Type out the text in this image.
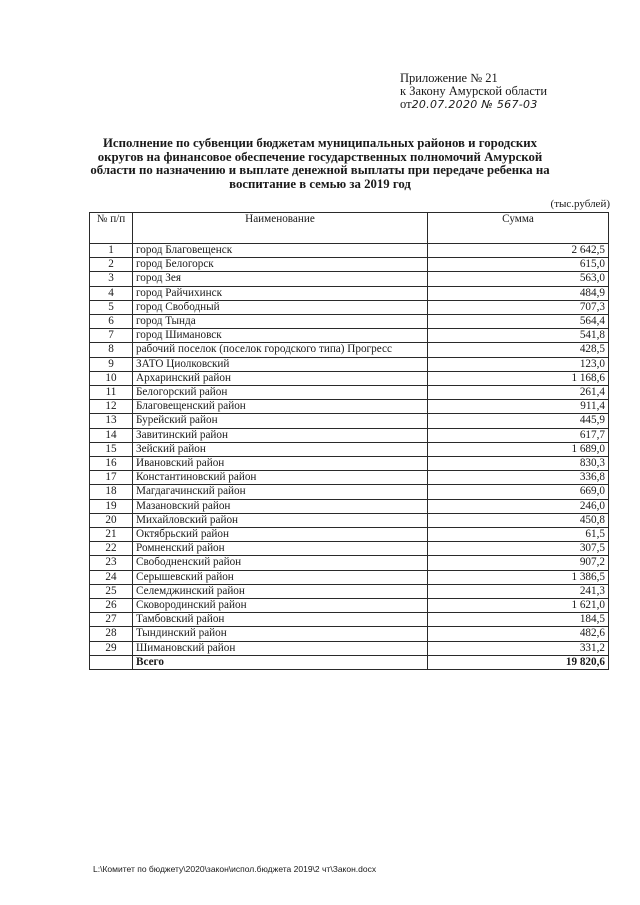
Приложение № 21
к Закону Амурской области
от20.07.2020 № 567-03
Исполнение по субвенции бюджетам муниципальных районов и городских округов на финансовое обеспечение государственных полномочий Амурской области по назначению и выплате денежной выплаты при передаче ребенка на воспитание в семью за 2019 год
(тыс.рублей)
№ п/п	Наименование	Сумма
1	город Благовещенск	2 642,5
2	город Белогорск	615,0
3	город Зея	563,0
4	город Райчихинск	484,9
5	город Свободный	707,3
6	город Тында	564,4
7	город Шимановск	541,8
8	рабочий поселок (поселок городского типа) Прогресс	428,5
9	ЗАТО Циолковский	123,0
10	Архаринский район	1 168,6
11	Белогорский район	261,4
12	Благовещенский район	911,4
13	Бурейский район	445,9
14	Завитинский район	617,7
15	Зейский район	1 689,0
16	Ивановский район	830,3
17	Константиновский район	336,8
18	Магдагачинский район	669,0
19	Мазановский район	246,0
20	Михайловский район	450,8
21	Октябрьский район	61,5
22	Ромненский район	307,5
23	Свободненский район	907,2
24	Серышевский район	1 386,5
25	Селемджинский район	241,3
26	Сковородинский район	1 621,0
27	Тамбовский район	184,5
28	Тындинский район	482,6
29	Шимановский район	331,2
	Всего	19 820,6
L:\Комитет по бюджету\2020\закон\испол.бюджета 2019\2 чт\Закон.docx
